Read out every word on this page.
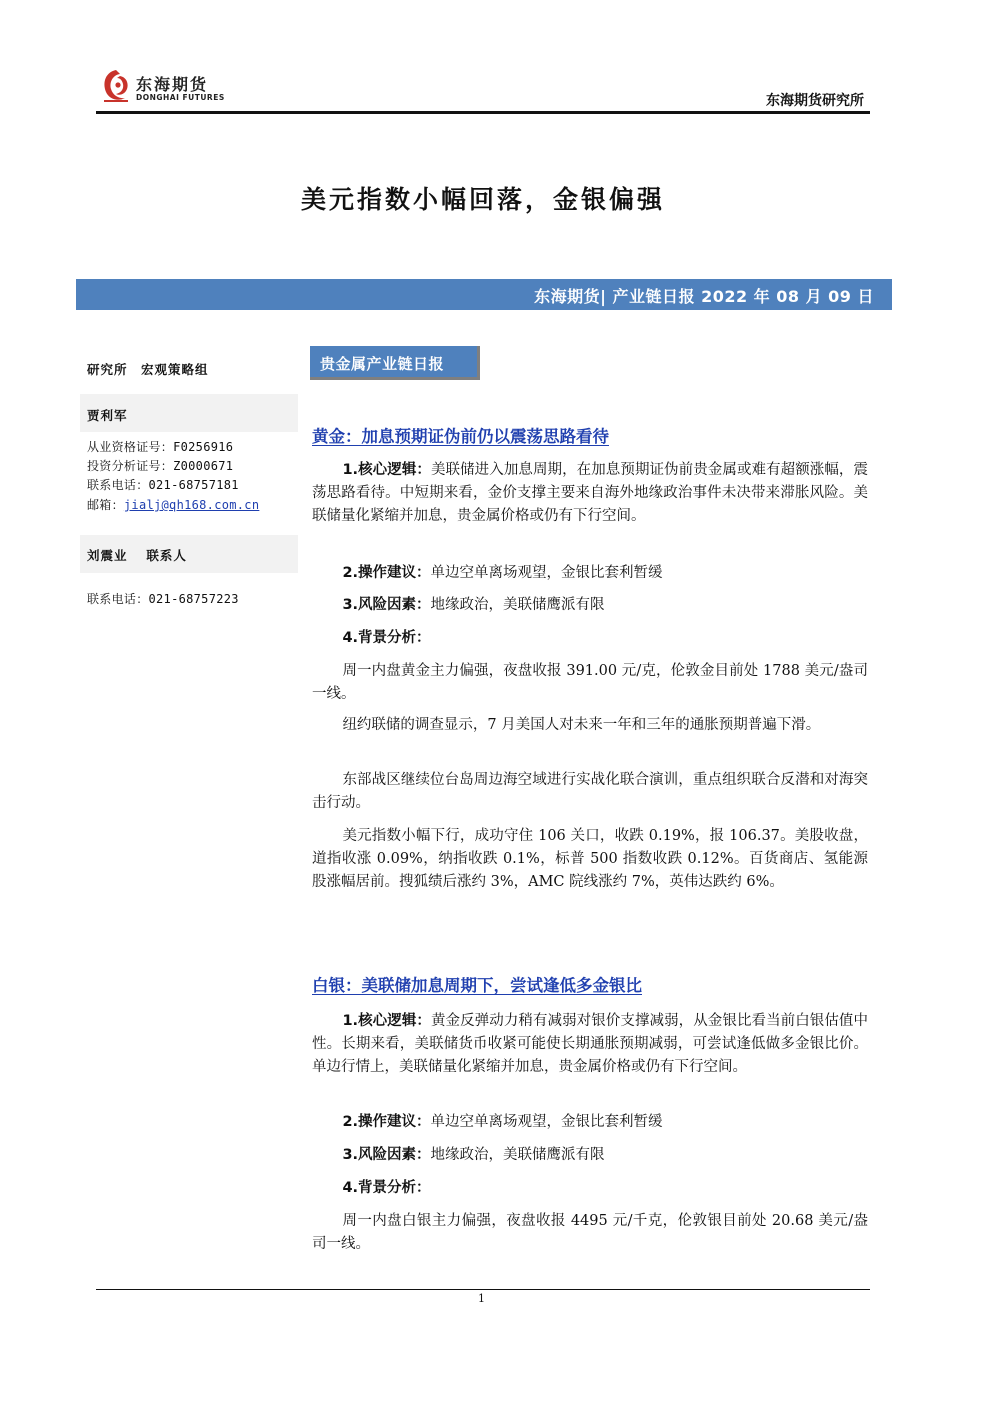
东海期货
DONGHAI FUTURES	东海期货研究所
美元指数小幅回落，金银偏强
东海期货| 产业链日报 2022 年 08 月 09 日
研究所　宏观策略组
贾利军
从业资格证号：F0256916
投资分析证号：Z0000671
联系电话：021-68757181
邮箱：jialj@qh168.com.cn
刘震业　 联系人
联系电话：021-68757223
贵金属产业链日报
黄金：加息预期证伪前仍以震荡思路看待
1.核心逻辑：美联储进入加息周期，在加息预期证伪前贵金属或难有超额涨幅，震荡思路看待。中短期来看，金价支撑主要来自海外地缘政治事件未决带来滞胀风险。美联储量化紧缩并加息，贵金属价格或仍有下行空间。
2.操作建议：单边空单离场观望，金银比套利暂缓
3.风险因素：地缘政治，美联储鹰派有限
4.背景分析：
周一内盘黄金主力偏强，夜盘收报 391.00 元/克，伦敦金目前处 1788 美元/盎司一线。
纽约联储的调查显示，7 月美国人对未来一年和三年的通胀预期普遍下滑。
东部战区继续位台岛周边海空域进行实战化联合演训，重点组织联合反潜和对海突击行动。
美元指数小幅下行，成功守住 106 关口，收跌 0.19%，报 106.37。美股收盘，道指收涨 0.09%，纳指收跌 0.1%，标普 500 指数收跌 0.12%。百货商店、氢能源股涨幅居前。搜狐绩后涨约 3%，AMC 院线涨约 7%，英伟达跌约 6%。
白银：美联储加息周期下，尝试逢低多金银比
1.核心逻辑：黄金反弹动力稍有减弱对银价支撑减弱，从金银比看当前白银估值中性。长期来看，美联储货币收紧可能使长期通胀预期减弱，可尝试逢低做多金银比价。单边行情上，美联储量化紧缩并加息，贵金属价格或仍有下行空间。
2.操作建议：单边空单离场观望，金银比套利暂缓
3.风险因素：地缘政治，美联储鹰派有限
4.背景分析：
周一内盘白银主力偏强，夜盘收报 4495 元/千克，伦敦银目前处 20.68 美元/盎司一线。
1
